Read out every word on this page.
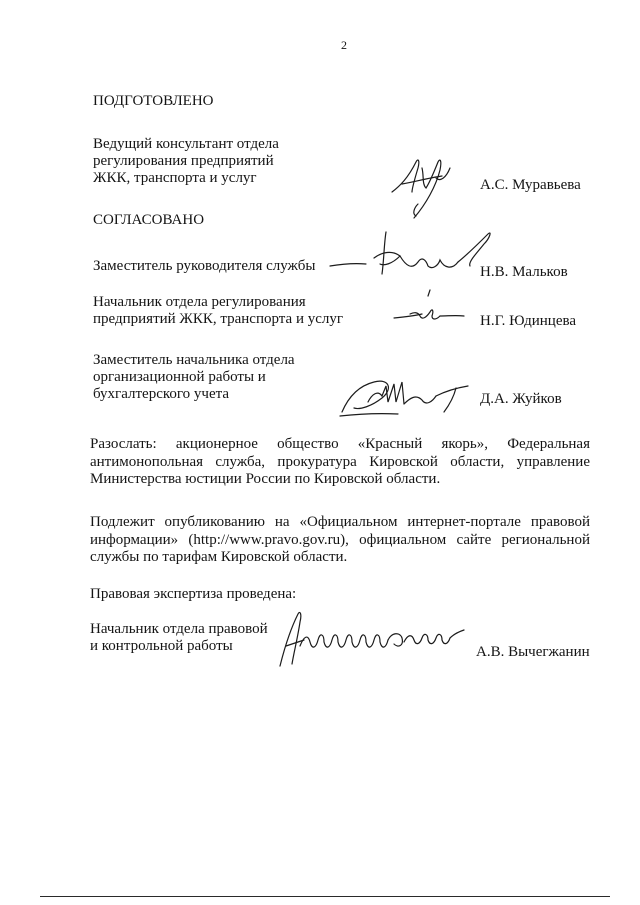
2
ПОДГОТОВЛЕНО
Ведущий консультант отдела
регулирования предприятий
ЖКК, транспорта и услуг	А.С. Муравьева
СОГЛАСОВАНО
Заместитель руководителя службы	Н.В. Мальков
Начальник отдела регулирования
предприятий ЖКК, транспорта и услуг	Н.Г. Юдинцева
Заместитель начальника отдела
организационной работы и
бухгалтерского учета	Д.А. Жуйков
Разослать: акционерное общество «Красный якорь», Федеральная
антимонопольная служба, прокуратура Кировской области, управление
Министерства юстиции России по Кировской области.
Подлежит опубликованию на «Официальном интернет-портале правовой
информации» (http://www.pravo.gov.ru), официальном сайте региональной
службы по тарифам Кировской области.
Правовая экспертиза проведена:
Начальник отдела правовой
и контрольной работы	А.В. Вычегжанин
